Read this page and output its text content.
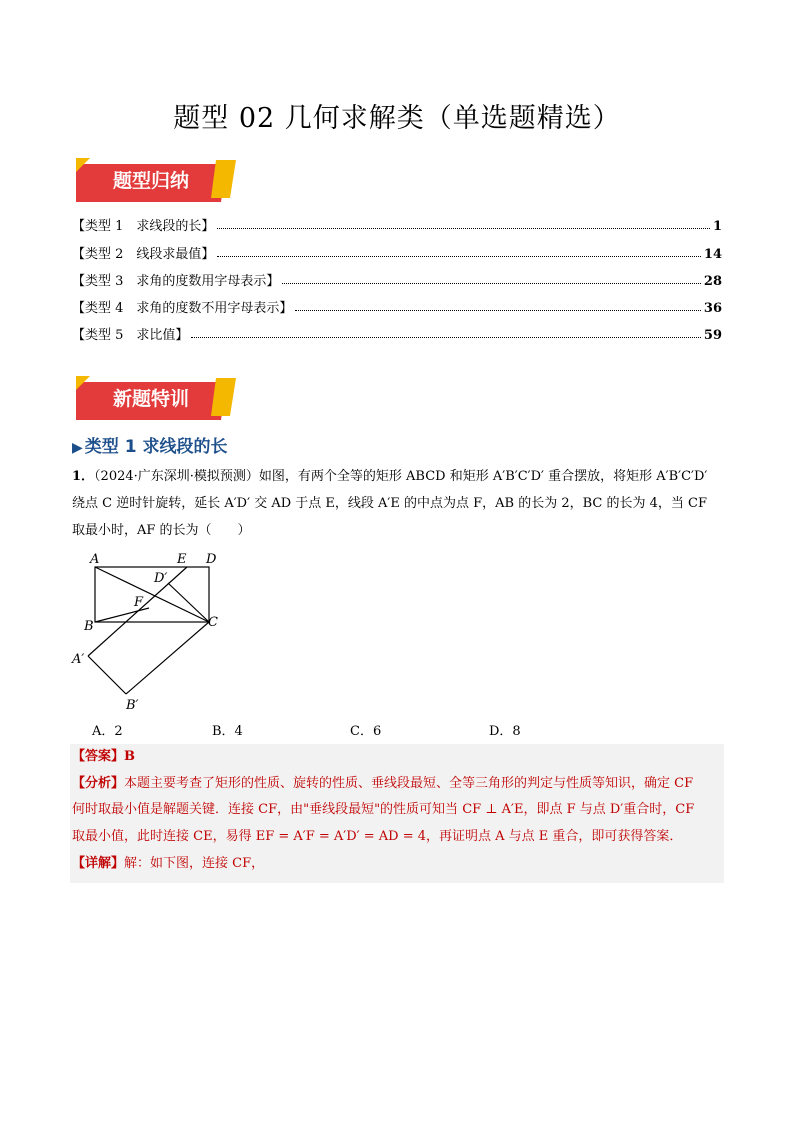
题型 02 几何求解类（单选题精选）
题型归纳
【类型 1　求线段的长】	1
【类型 2　线段求最值】	14
【类型 3　求角的度数用字母表示】	28
【类型 4　求角的度数不用字母表示】	36
【类型 5　求比值】	59
新题特训
▶ 类型 1 求线段的长
1．（2024·广东深圳·模拟预测）如图，有两个全等的矩形 ABCD 和矩形 A′B′C′D′ 重合摆放，将矩形 A′B′C′D′
绕点 C 逆时针旋转，延长 A′D′ 交 AD 于点 E，线段 A′E 的中点为点 F，AB 的长为 2，BC 的长为 4，当 CF
取最小时，AF 的长为（　　）
A	E D
D′
F
B	C
A′
B′
A．2	B．4	C．6	D．8
【答案】B
【分析】本题主要考查了矩形的性质、旋转的性质、垂线段最短、全等三角形的判定与性质等知识，确定 CF
何时取最小值是解题关键．连接 CF，由"垂线段最短"的性质可知当 CF ⊥ A′E，即点 F 与点 D′重合时，CF
取最小值，此时连接 CE，易得 EF = A′F = A′D′ = AD = 4，再证明点 A 与点 E 重合，即可获得答案．
【详解】解：如下图，连接 CF，
